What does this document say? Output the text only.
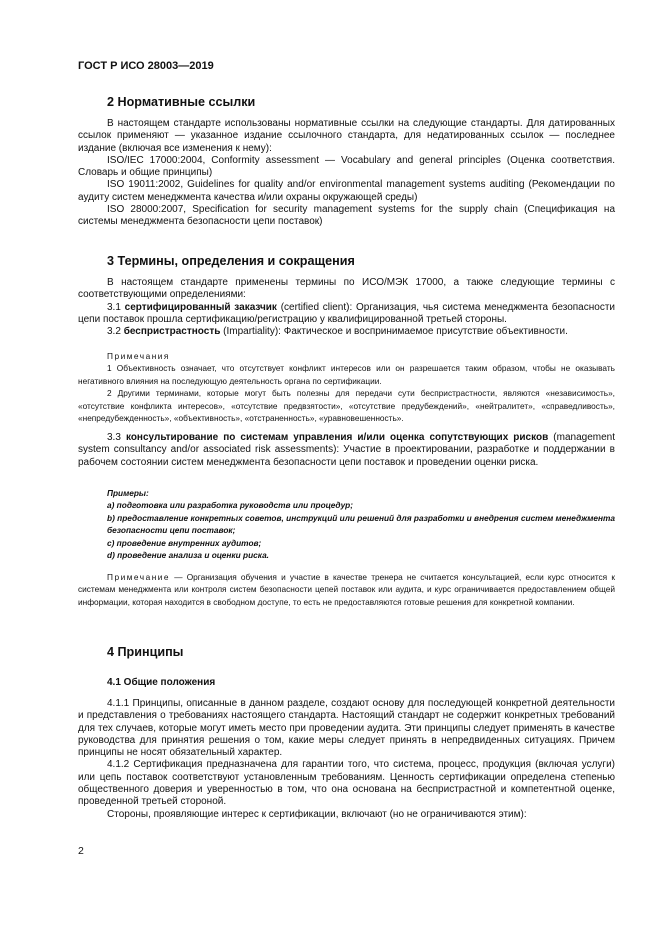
ГОСТ Р ИСО 28003—2019
2 Нормативные ссылки

В настоящем стандарте использованы нормативные ссылки на следующие стандарты. Для датированных ссылок применяют — указанное издание ссылочного стандарта, для недатированных ссылок — последнее издание (включая все изменения к нему):

ISO/IEC 17000:2004, Conformity assessment — Vocabulary and general principles (Оценка соответствия. Словарь и общие принципы)

ISO 19011:2002, Guidelines for quality and/or environmental management systems auditing (Рекомендации по аудиту систем менеджмента качества и/или охраны окружающей среды)

ISO 28000:2007, Specification for security management systems for the supply chain (Спецификация на системы менеджмента безопасности цепи поставок)

3 Термины, определения и сокращения

В настоящем стандарте применены термины по ИСО/МЭК 17000, а также следующие термины с соответствующими определениями:

3.1 сертифицированный заказчик (certified client): Организация, чья система менеджмента безопасности цепи поставок прошла сертификацию/регистрацию у квалифицированной третьей стороны.

3.2 беспристрастность (Impartiality): Фактическое и воспринимаемое присутствие объективности.

Примечания

1 Объективность означает, что отсутствует конфликт интересов или он разрешается таким образом, чтобы не оказывать негативного влияния на последующую деятельность органа по сертификации.

2 Другими терминами, которые могут быть полезны для передачи сути беспристрастности, являются «независимость», «отсутствие конфликта интересов», «отсутствие предвзятости», «отсутствие предубеждений», «нейтралитет», «справедливость», «непредубежденность», «объективность», «отстраненность», «уравновешенность».

3.3 консультирование по системам управления и/или оценка сопутствующих рисков (management system consultancy and/or associated risk assessments): Участие в проектировании, разработке и поддержании в рабочем состоянии систем менеджмента безопасности цепи поставок и проведении оценки риска.

Примеры:

а) подготовка или разработка руководств или процедур;

b) предоставление конкретных советов, инструкций или решений для разработки и внедрения систем менеджмента безопасности цепи поставок;

c) проведение внутренних аудитов;

d) проведение анализа и оценки риска.

Примечание — Организация обучения и участие в качестве тренера не считается консультацией, если курс относится к системам менеджмента или контроля систем безопасности цепей поставок или аудита, и курс ограничивается предоставлением общей информации, которая находится в свободном доступе, то есть не предоставляются готовые решения для конкретной компании.

4 Принципы
4.1 Общие положения

4.1.1 Принципы, описанные в данном разделе, создают основу для последующей конкретной деятельности и представления о требованиях настоящего стандарта. Настоящий стандарт не содержит конкретных требований для тех случаев, которые могут иметь место при проведении аудита. Эти принципы следует применять в качестве руководства для принятия решения о том, какие меры следует принять в непредвиденных ситуациях. Причем принципы не носят обязательный характер.

4.1.2 Сертификация предназначена для гарантии того, что система, процесс, продукция (включая услуги) или цепь поставок соответствуют установленным требованиям. Ценность сертификации определена степенью общественного доверия и уверенностью в том, что она основана на беспристрастной и компетентной оценке, проведенной третьей стороной.

Стороны, проявляющие интерес к сертификации, включают (но не ограничиваются этим):

2
